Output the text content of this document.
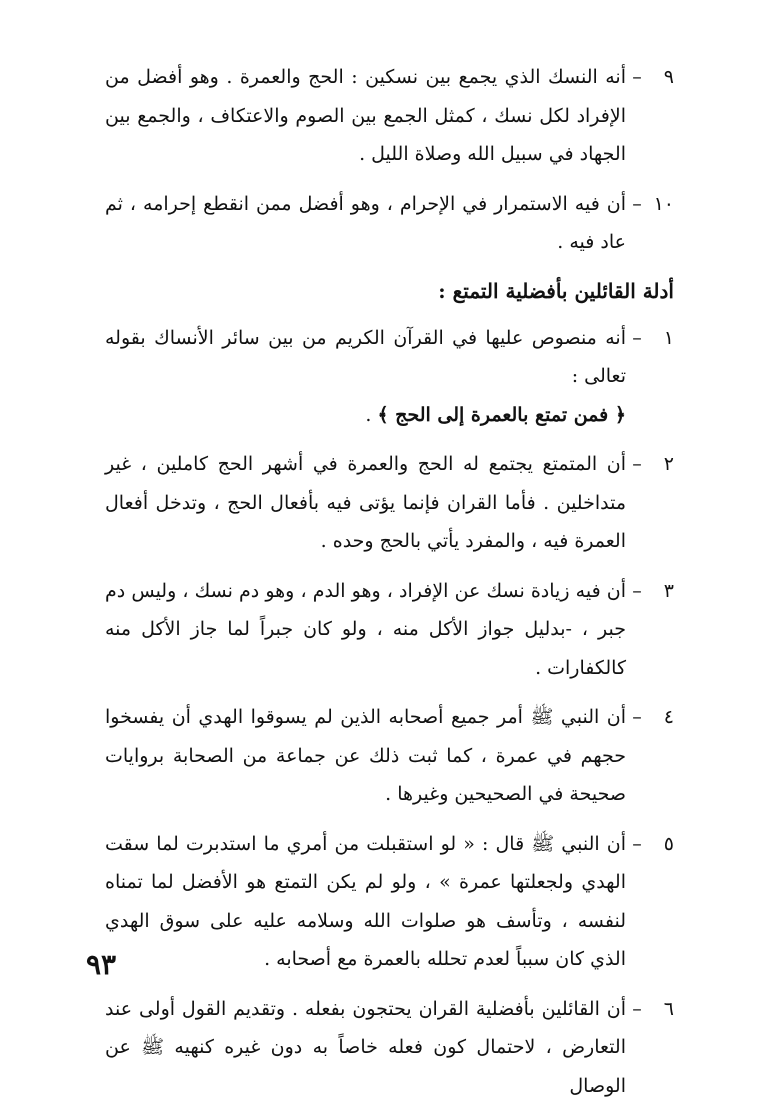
٩
–
أنه النسك الذي يجمع بين نسكين : الحج والعمرة . وهو أفضل من الإفراد لكل نسك ، كمثل الجمع بين الصوم والاعتكاف ، والجمع بين الجهاد في سبيل الله وصلاة الليل .
١٠
–
أن فيه الاستمرار في الإحرام ، وهو أفضل ممن انقطع إحرامه ، ثم عاد فيه .
أدلة القائلين بأفضلية التمتع :
١
–
أنه منصوص عليها في القرآن الكريم من بين سائر الأنساك بقوله تعالى :
﴿ فمن تمتع بالعمرة إلى الحج ﴾ .
٢
–
أن المتمتع يجتمع له الحج والعمرة في أشهر الحج كاملين ، غير متداخلين . فأما القران فإنما يؤتى فيه بأفعال الحج ، وتدخل أفعال العمرة فيه ، والمفرد يأتي بالحج وحده .
٣
–
أن فيه زيادة نسك عن الإفراد ، وهو الدم ، وهو دم نسك ، وليس دم جبر ، -بدليل جواز الأكل منه ، ولو كان جبراً لما جاز الأكل منه كالكفارات .
٤
–
أن النبي ﷺ أمر جميع أصحابه الذين لم يسوقوا الهدي أن يفسخوا حجهم في عمرة ، كما ثبت ذلك عن جماعة من الصحابة بروايات صحيحة في الصحيحين وغيرها .
٥
–
أن النبي ﷺ قال : « لو استقبلت من أمري ما استدبرت لما سقت الهدي ولجعلتها عمرة » ، ولو لم يكن التمتع هو الأفضل لما تمناه لنفسه ، وتأسف هو صلوات الله وسلامه عليه على سوق الهدي الذي كان سبباً لعدم تحلله بالعمرة مع أصحابه .
٦
–
أن القائلين بأفضلية القران يحتجون بفعله . وتقديم القول أولى عند التعارض ، لاحتمال كون فعله خاصاً به دون غيره كنهيه ﷺ عن الوصال
٩٣
